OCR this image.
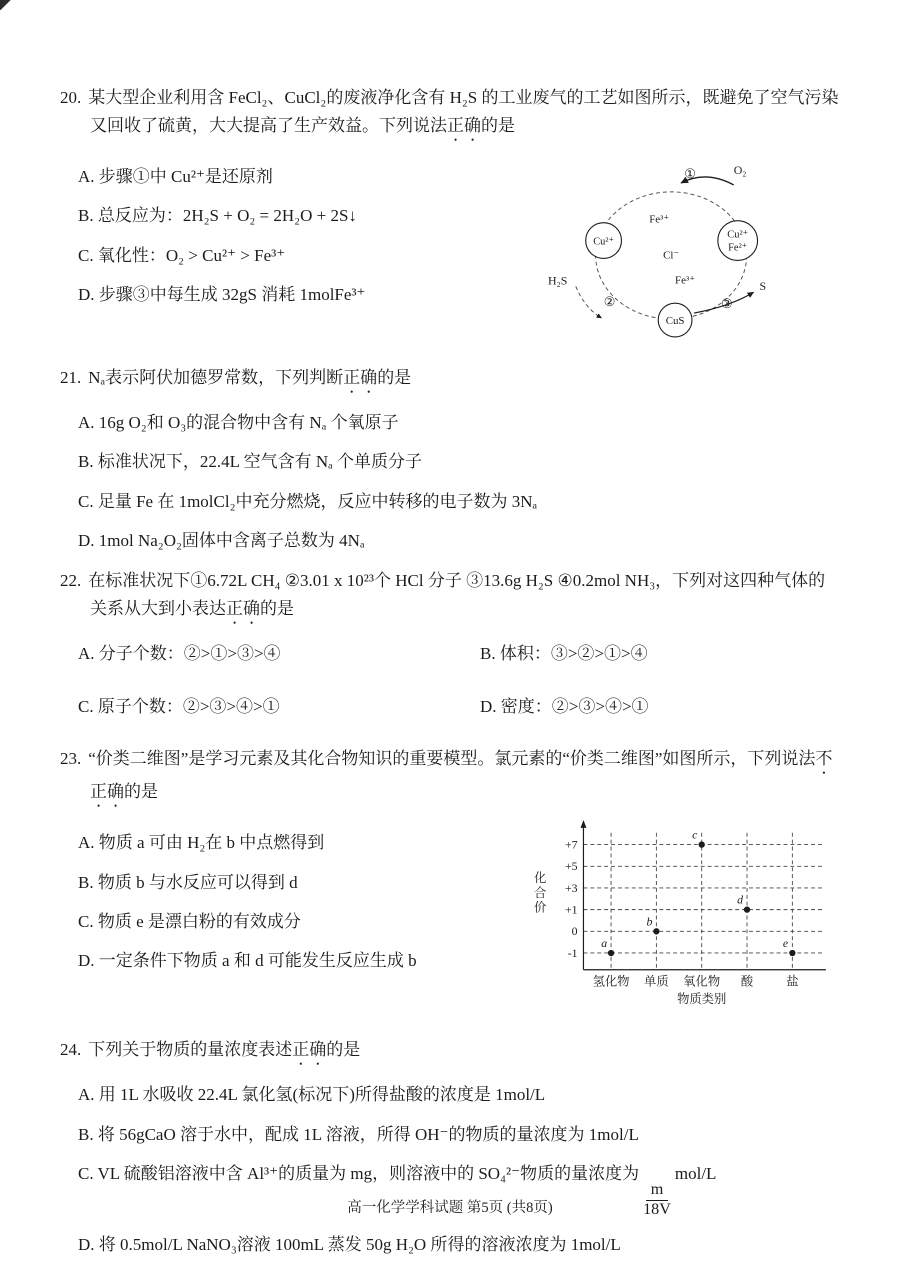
20. 某大型企业利用含 FeCl₂、CuCl₂的废液净化含有 H₂S 的工业废气的工艺如图所示，既避免了空气污染又回收了硫黄，大大提高了生产效益。下列说法正确的是

A. 步骤①中 Cu²⁺是还原剂

B. 总反应为：2H₂S + O₂ = 2H₂O + 2S↓

C. 氧化性：O₂ > Cu²⁺ > Fe³⁺

D. 步骤③中每生成 32gS 消耗 1molFe³⁺

①	O₂
Fe³⁺
Cu²⁺
Cl⁻
Cu²⁺
Fe²⁺
H₂S
②
Fe³⁺
CuS
③
S

21. Nₐ表示阿伏加德罗常数，下列判断正确的是

A. 16g O₂和 O₃的混合物中含有 Nₐ 个氧原子

B. 标准状况下，22.4L 空气含有 Nₐ 个单质分子

C. 足量 Fe 在 1molCl₂中充分燃烧，反应中转移的电子数为 3Nₐ

D. 1mol Na₂O₂固体中含离子总数为 4Nₐ

22. 在标准状况下①6.72L CH₄ ②3.01 x 10²³个 HCl 分子 ③13.6g H₂S ④0.2mol NH₃，下列对这四种气体的关系从大到小表达正确的是

A. 分子个数：②>①>③>④	B. 体积：③>②>①>④

C. 原子个数：②>③>④>①	D. 密度：②>③>④>①

23. “价类二维图”是学习元素及其化合物知识的重要模型。氯元素的“价类二维图”如图所示，下列说法不正确的是

A. 物质 a 可由 H₂在 b 中点燃得到

B. 物质 b 与水反应可以得到 d

C. 物质 e 是漂白粉的有效成分

D. 一定条件下物质 a 和 d 可能发生反应生成 b

+7
+5
+3
+1
0
-1
化
合
价
氢化物 单质 氧化物 酸	盐
物质类别
a
b
c
d
e

24. 下列关于物质的量浓度表述正确的是

A. 用 1L 水吸收 22.4L 氯化氢(标况下)所得盐酸的浓度是 1mol/L

B. 将 56gCaO 溶于水中，配成 1L 溶液，所得 OH⁻的物质的量浓度为 1mol/L

C. VL 硫酸铝溶液中含 Al³⁺的质量为 mg，则溶液中的 SO₄²⁻物质的量浓度为
$\frac{m}{18V}$
mol/L

D. 将 0.5mol/L NaNO₃溶液 100mL 蒸发 50g H₂O 所得的溶液浓度为 1mol/L

高一化学学科试题 第5页 (共8页)
